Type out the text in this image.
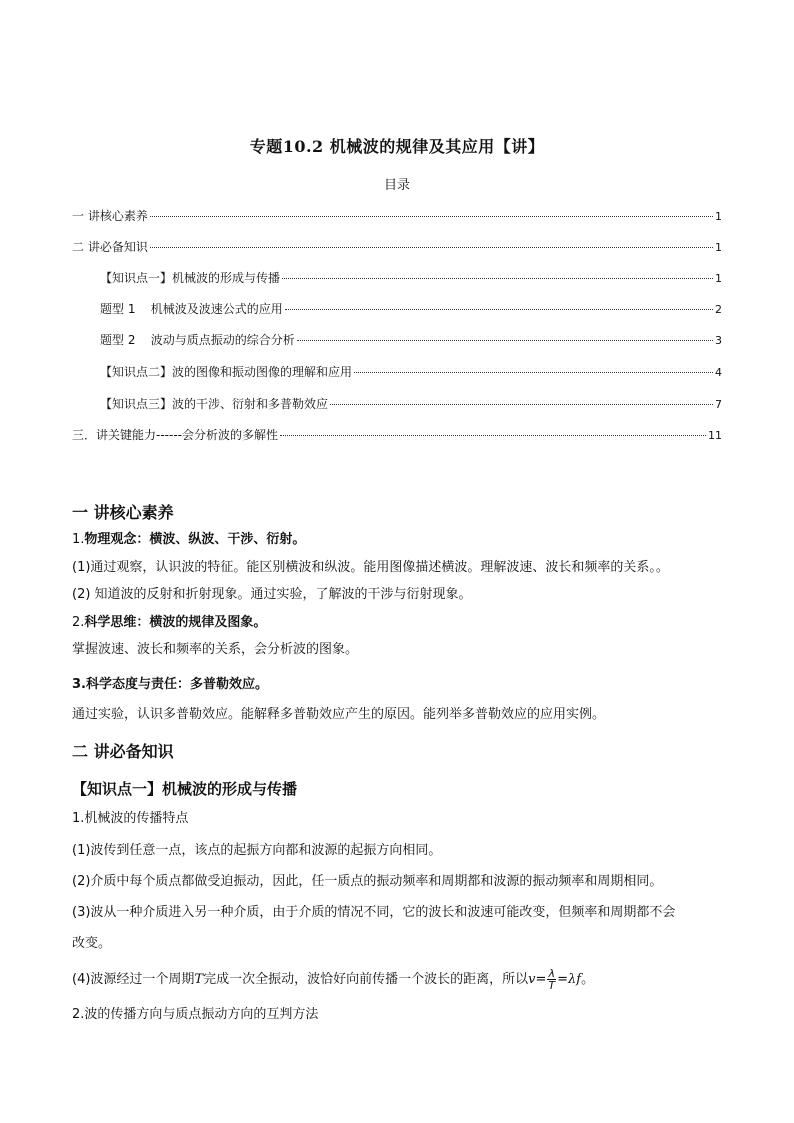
专题10.2 机械波的规律及其应用【讲】
目录
一 讲核心素养	1
二 讲必备知识	1
【知识点一】机械波的形成与传播	1
题型 1    机械波及波速公式的应用	2
题型 2    波动与质点振动的综合分析	3
【知识点二】波的图像和振动图像的理解和应用	4
【知识点三】波的干涉、衍射和多普勒效应	7
三．讲关键能力------会分析波的多解性	11
一 讲核心素养
1.物理观念：横波、纵波、干涉、衍射。
(1)通过观察，认识波的特征。能区别横波和纵波。能用图像描述横波。理解波速、波长和频率的关系。。
(2) 知道波的反射和折射现象。通过实验，了解波的干涉与衍射现象。
2.科学思维：横波的规律及图象。
掌握波速、波长和频率的关系，会分析波的图象。
3.科学态度与责任：多普勒效应。
通过实验，认识多普勒效应。能解释多普勒效应产生的原因。能列举多普勒效应的应用实例。
二 讲必备知识
【知识点一】机械波的形成与传播
1.机械波的传播特点
(1)波传到任意一点，该点的起振方向都和波源的起振方向相同。
(2)介质中每个质点都做受迫振动，因此，任一质点的振动频率和周期都和波源的振动频率和周期相同。
(3)波从一种介质进入另一种介质，由于介质的情况不同，它的波长和波速可能改变，但频率和周期都不会
改变。
(4)波源经过一个周期T完成一次全振动，波恰好向前传播一个波长的距离，所以$v= \frac{\lambda}{T} =\lambda f$。
2.波的传播方向与质点振动方向的互判方法
